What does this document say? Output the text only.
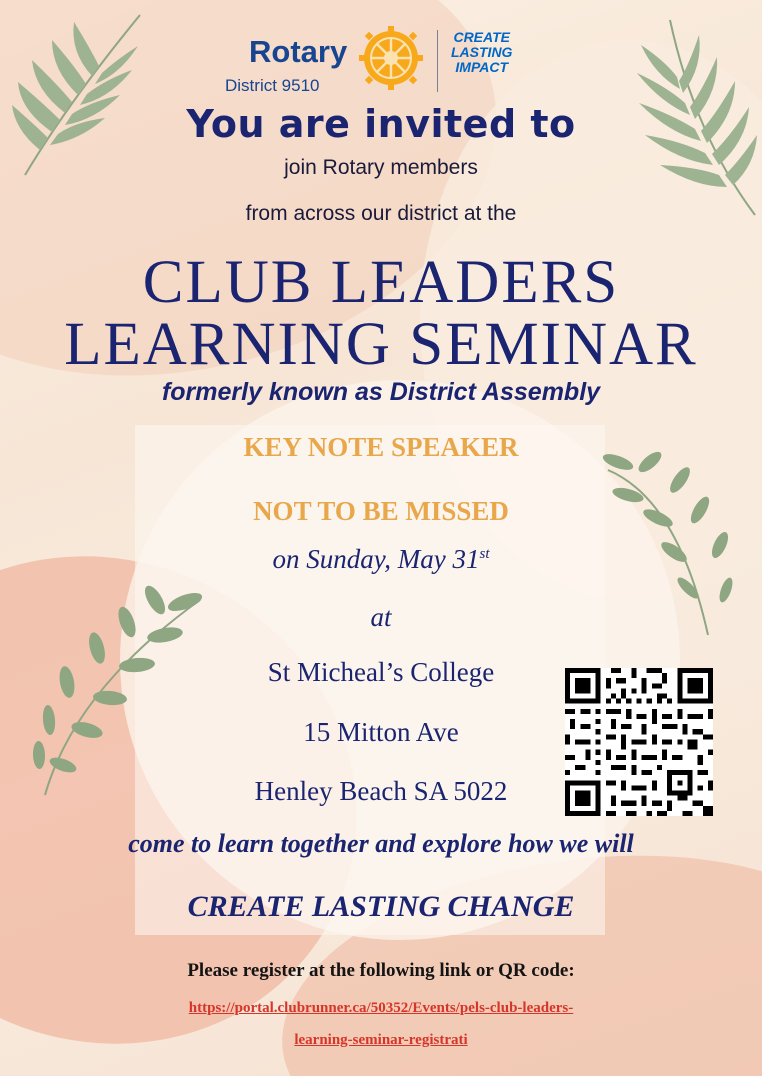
Rotary
District 9510
CREATE
LASTING
IMPACT
You are invited to
join Rotary members
from across our district at the
CLUB LEADERS
LEARNING SEMINAR
formerly known as District Assembly
KEY NOTE SPEAKER
NOT TO BE MISSED
on Sunday, May 31st
at
St Micheal’s College
15 Mitton Ave
Henley Beach SA 5022
come to learn together and explore how we will
CREATE LASTING CHANGE
Please register at the following link or QR code:
https://portal.clubrunner.ca/50352/Events/pels-club-leaders-
learning-seminar-registrati
